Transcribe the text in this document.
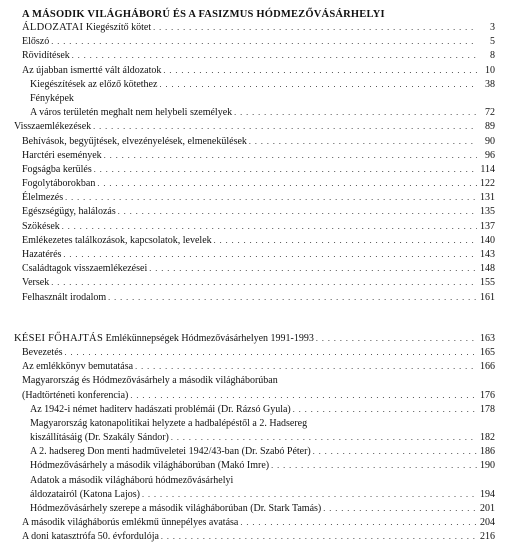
A MÁSODIK VILÁGHÁBORÚ ÉS A FASIZMUS HÓDMEZŐVÁSÁRHELYI
ÁLDOZATAI Kiegészítő kötet . . .	3
Előszó . . .	5
Rövidítések . . .	8
Az újabban ismertté vált áldozatok . . .	10
Kiegészítések az előző kötethez . . .	38
Fényképek
A város területén meghalt nem helybeli személyek . . .	72
Visszaemlékezések . . .	89
Behívások, begyűjtések, elvezényelések, elmenekülések . . .	90
Harctéri események . . .	96
Fogságba kerülés . . .	114
Fogolytáborokban . . .	122
Élelmezés . . .	131
Egészségügy, halálozás . . .	135
Szökések . . .	137
Emlékezetes találkozások, kapcsolatok, levelek . . .	140
Hazatérés . . .	143
Családtagok visszaemlékezései . . .	148
Versek . . .	155
Felhasznált irodalom . . .	161
KÉSEI FŐHAJTÁS Emlékünnepségek Hódmezővásárhelyen 1991-1993 . . .	163
Bevezetés . . .	165
Az emlékkönyv bemutatása . . .	166
Magyarország és Hódmezővásárhely a második világháborúban
(Hadtörténeti konferencia) . . .	176
Az 1942-i német haditerv hadászati problémái (Dr. Rázsó Gyula) . . .	178
Magyarország katonapolitikai helyzete a hadbalépéstől a 2. Hadsereg
kiszállításáig (Dr. Szakály Sándor) . . .	182
A 2. hadsereg Don menti hadműveletei 1942/43-ban (Dr. Szabó Péter) . . .	186
Hódmezővásárhely a második világháborúban (Makó Imre) . . .	190
Adatok a második világháború hódmezővásárhelyi
áldozatairól (Katona Lajos) . . .	194
Hódmezővásárhely szerepe a második világháborúban (Dr. Stark Tamás) . . .	201
A második világháborús emlékmű ünnepélyes avatása . . .	204
A doni katasztrófa 50. évfordulója . . .	216
